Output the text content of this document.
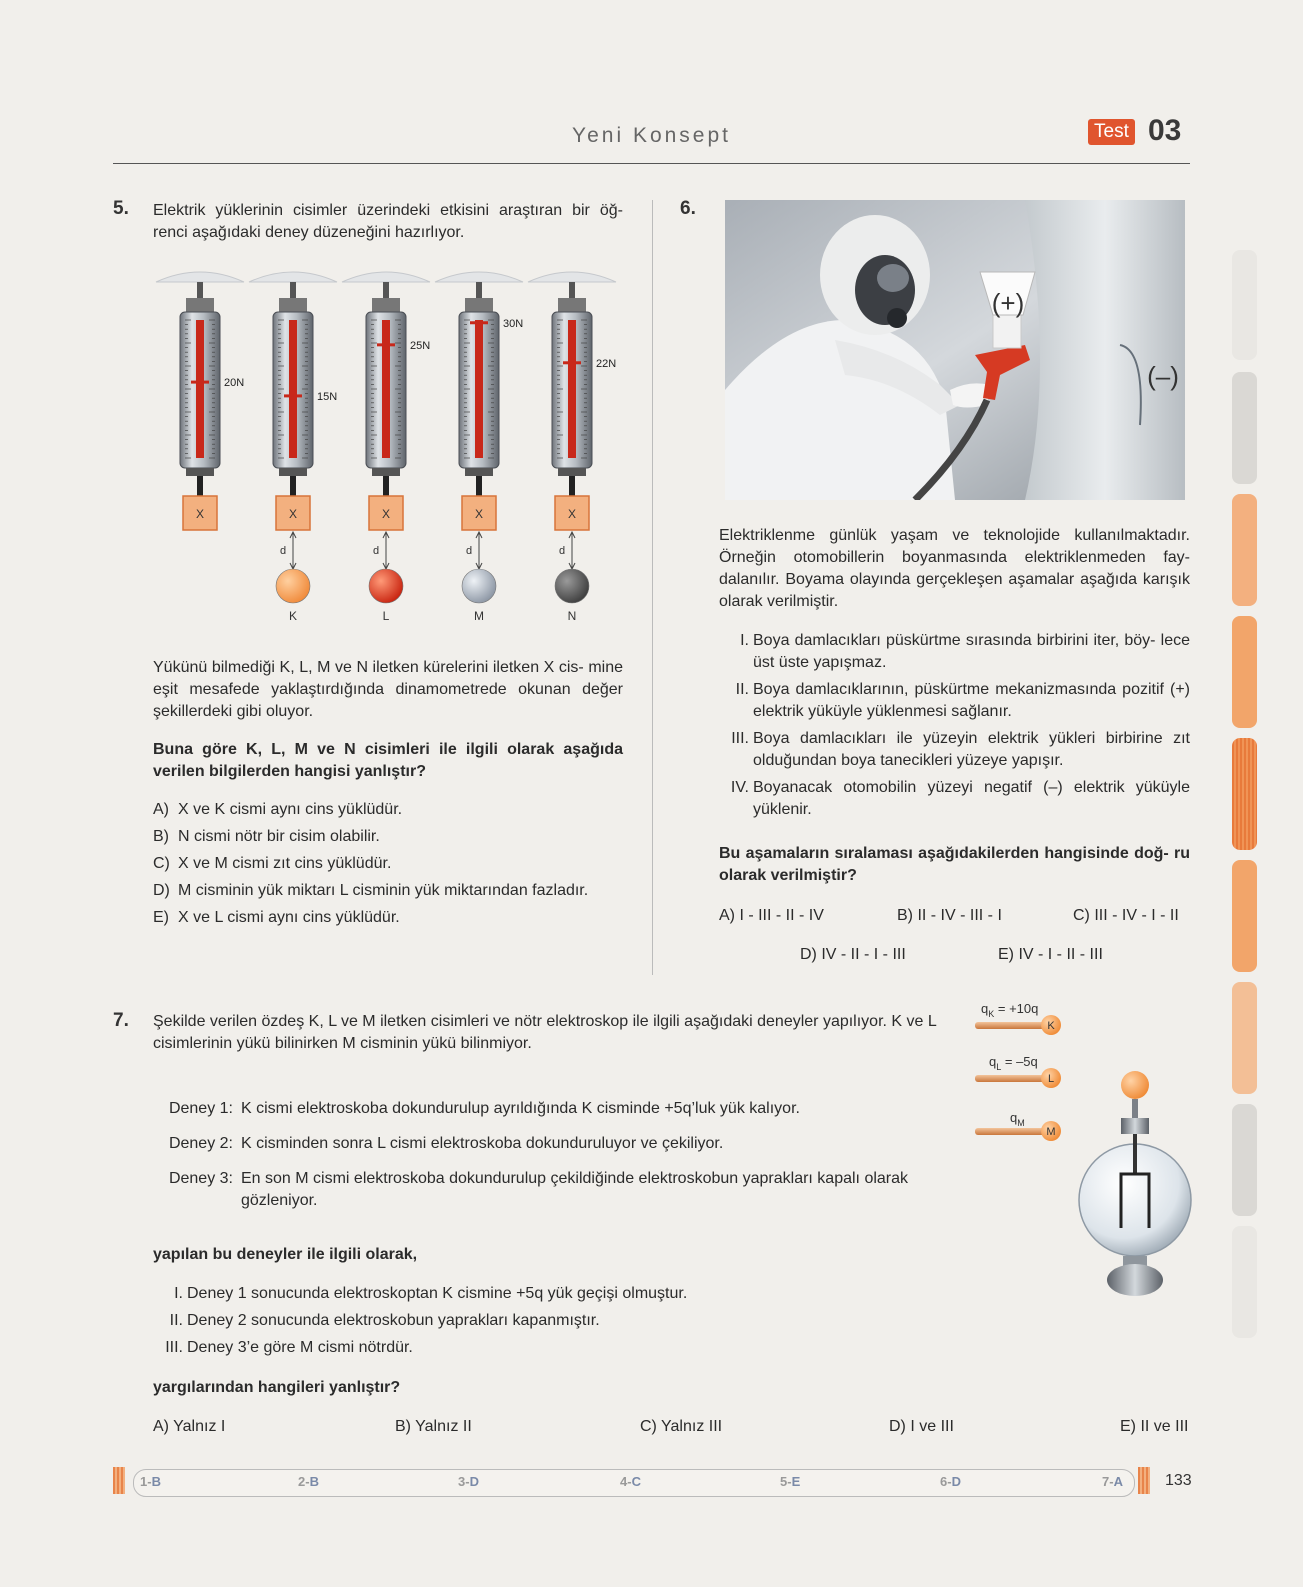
Yeni Konsept	Test 03
5. Elektrik yüklerinin cisimler üzerindeki etkisini araştıran bir öğ- renci aşağıdaki deney düzeneğini hazırlıyor.
20N
X
15N
X
d
K
25N
X
d
L
30N
X
d
M
22N
X
d
N
Yükünü bilmediği K, L, M ve N iletken kürelerini iletken X cis- mine eşit mesafede yaklaştırdığında dinamometrede okunan değer şekillerdeki gibi oluyor.
Buna göre K, L, M ve N cisimleri ile ilgili olarak aşağıda verilen bilgilerden hangisi yanlıştır?
A) X ve K cismi aynı cins yüklüdür.
B) N cismi nötr bir cisim olabilir.
C) X ve M cismi zıt cins yüklüdür.
D) M cisminin yük miktarı L cisminin yük miktarından fazladır.
E) X ve L cismi aynı cins yüklüdür.
6.
(+)
(–)
Elektriklenme günlük yaşam ve teknolojide kullanılmaktadır. Örneğin otomobillerin boyanmasında elektriklenmeden fay- dalanılır. Boyama olayında gerçekleşen aşamalar aşağıda karışık olarak verilmiştir.
I. Boya damlacıkları püskürtme sırasında birbirini iter, böy- lece üst üste yapışmaz.
II. Boya damlacıklarının, püskürtme mekanizmasında pozitif (+) elektrik yüküyle yüklenmesi sağlanır.
III. Boya damlacıkları ile yüzeyin elektrik yükleri birbirine zıt olduğundan boya tanecikleri yüzeye yapışır.
IV. Boyanacak otomobilin yüzeyi negatif (–) elektrik yüküyle yüklenir.
Bu aşamaların sıralaması aşağıdakilerden hangisinde doğ- ru olarak verilmiştir?
A) I - III - II - IV	B) II - IV - III - I	C) III - IV - I - II
D) IV - II - I - III	E) IV - I - II - III
7. Şekilde verilen özdeş K, L ve M iletken cisimleri ve nötr elektroskop ile ilgili aşağıdaki deneyler yapılıyor. K ve L cisimlerinin yükü bilinirken M cisminin yükü bilinmiyor.
Deney 1: K cismi elektroskoba dokundurulup ayrıldığında K cisminde +5q’luk yük kalıyor.
Deney 2: K cisminden sonra L cismi elektroskoba dokunduruluyor ve çekiliyor.
Deney 3: En son M cismi elektroskoba dokundurulup çekildiğinde elektroskobun yaprakları kapalı olarak gözleniyor.
yapılan bu deneyler ile ilgili olarak,
I. Deney 1 sonucunda elektroskoptan K cismine +5q yük geçişi olmuştur.
II. Deney 2 sonucunda elektroskobun yaprakları kapanmıştır.
III. Deney 3’e göre M cismi nötrdür.
yargılarından hangileri yanlıştır?
A) Yalnız I	B) Yalnız II	C) Yalnız III	D) I ve III	E) II ve III
$q_K = +10q$
K
$q_L = -5q$
L
$q_M$
M
1-B	2-B	3-D	4-C	5-E	6-D	7-A	133
